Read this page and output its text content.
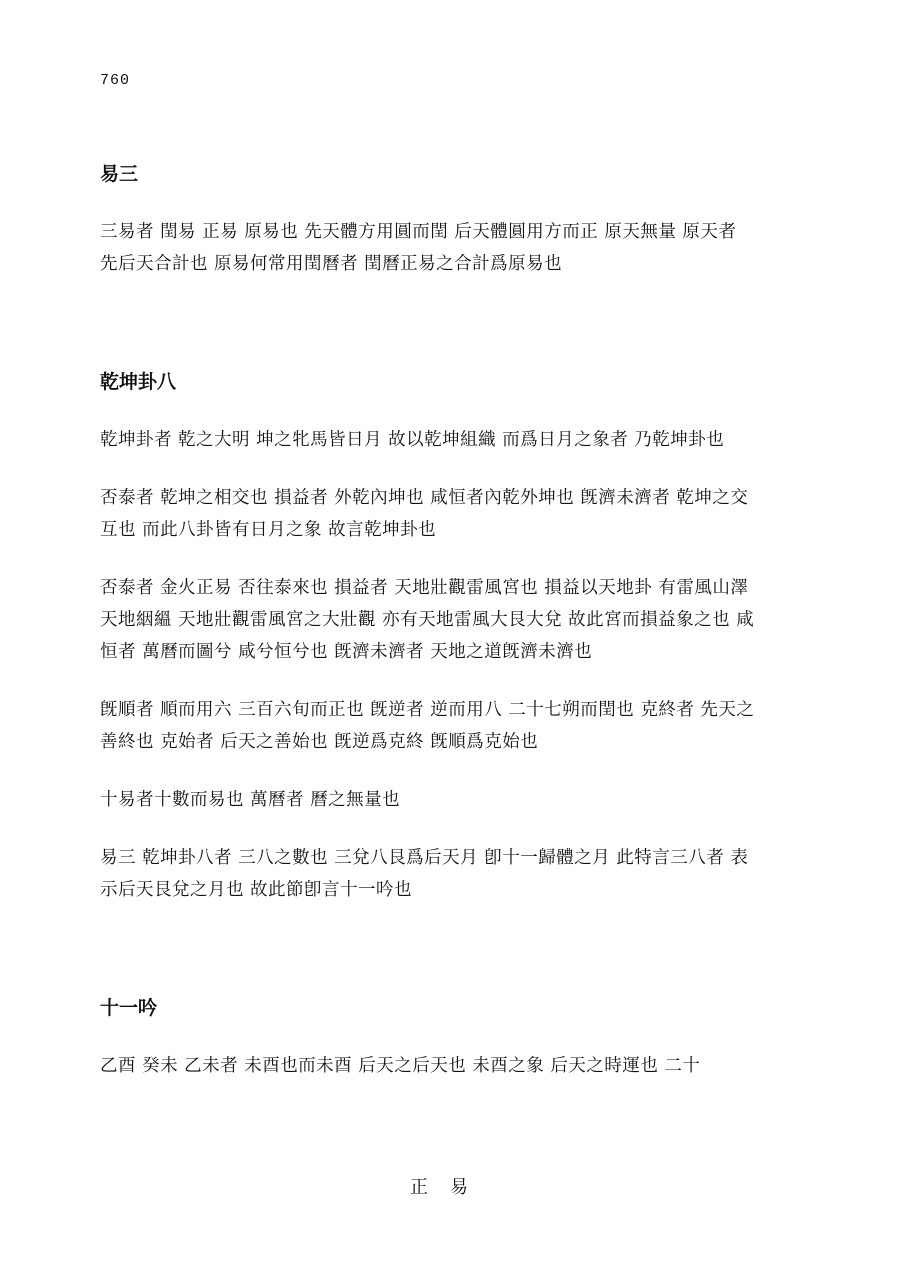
760
易三

三易者 閏易 正易 原易也 先天體方用圓而閏 后天體圓用方而正 原天無量 原天者 先后天合計也 原易何常用閏曆者 閏曆正易之合計爲原易也

乾坤卦八

乾坤卦者 乾之大明 坤之牝馬皆日月 故以乾坤組織 而爲日月之象者 乃乾坤卦也

否泰者 乾坤之相交也 損益者 外乾內坤也 咸恒者內乾外坤也 旣濟未濟者 乾坤之交互也 而此八卦皆有日月之象 故言乾坤卦也

否泰者 金火正易 否往泰來也 損益者 天地壯觀雷風宮也 損益以天地卦 有雷風山澤 天地絪縕 天地壯觀雷風宮之大壯觀 亦有天地雷風大艮大兌 故此宮而損益象之也 咸恒者 萬曆而圖兮 咸兮恒兮也 旣濟未濟者 天地之道旣濟未濟也

旣順者 順而用六 三百六旬而正也 旣逆者 逆而用八 二十七朔而閏也 克終者 先天之善終也 克始者 后天之善始也 旣逆爲克終 旣順爲克始也

十易者十數而易也 萬曆者 曆之無量也

易三 乾坤卦八者 三八之數也 三兌八艮爲后天月 卽十一歸體之月 此特言三八者 表示后天艮兌之月也 故此節卽言十一吟也

十一吟

乙酉 癸未 乙未者 未酉也而未酉 后天之后天也 未酉之象 后天之時運也 二十

正易
